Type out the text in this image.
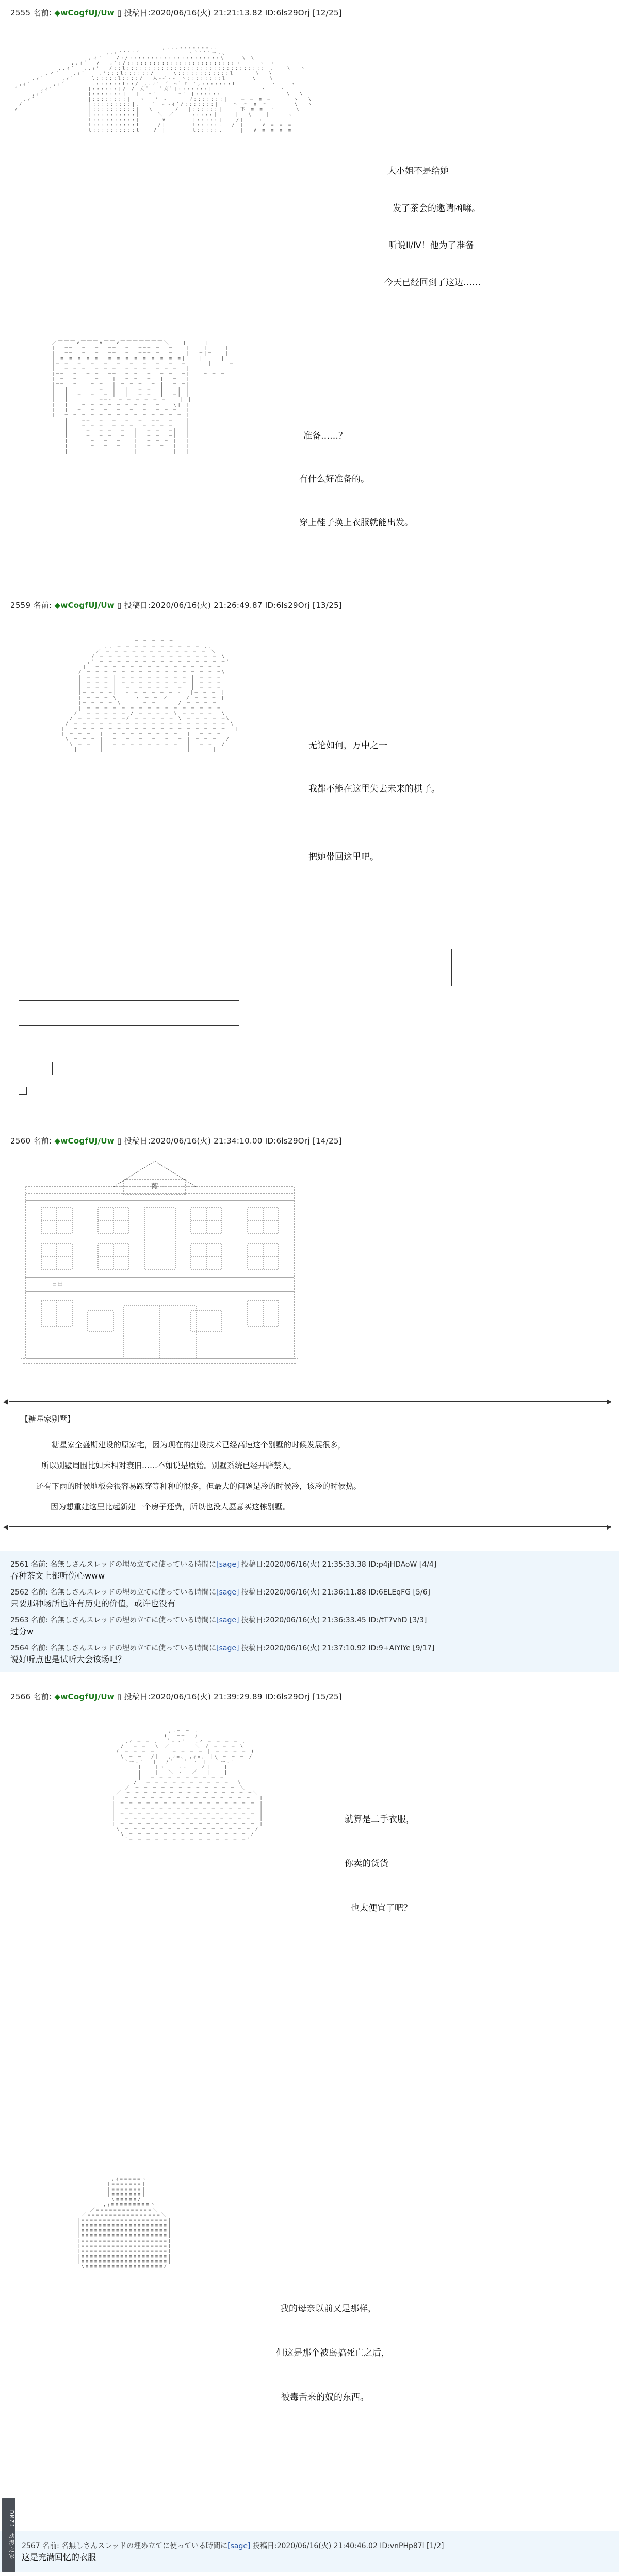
2555 名前: ◆wCogfUJ/Uw ▯ 投稿日:2020/06/16(火) 21:21:13.82 ID:6ls29Orj [12/25]
_,...-‐‐‐‐‐-..__
,.r'''"´           ヽ``''ー.、
,ィ"   /:/:::::::::::::::::::::\    \ \
,.ｨ´  /  ,':/:::::::::::::::::::::::::ヽ    ヽ ヽ
,.ｨ´  ,.ｨ'  /::l::::::::::::::::::::::::::::::::',   \  ヽ
,ィ´   ,ｨ´   .':::l::::::/￣￣￣\::::::::::::l     \  \
,ｨ´    ,ｨ´    l:::::l::::/  人ｰ-ﾟ-‐ ヽ::::::::l      \   \
,ｨ´     ,ｨ´      l::::::l::/ ,.ｨ''´ ⌒`ヾ ',:::::::l        ヽ   ヽ
´     ,ｨ´        |::::::|/ / 刈ﾟ   ﾟ刈ﾟ|:::::::|           ヽ   ヽ
,ｨ´          |:::::::|  |  ｰ'     ｰ' |::::::|              \  \
,ｨ´            |::::::::|  ヽ  ' ‐     ﾉ:::::::|   ─ ─ ≡ ─     ヽ  \
/               |:::::::::|、  ｀ ー‐ｲ´/:::::::|   ニ ニ ≡ ニ      \  ヽ
/                |::::::::::|  \     /  |::::::|    下 ≡ ≡ 一     \
|::::::::::|    ＼ ／   |:::::|    |  \   |    ヽ
l::::::::::|     ∨      |:::::|   /|   ヽ  |
l::::::::::l    /|      l:::::l  / |    ∨ ≡ ≡ ≡
l::::::::::l   / |      l:::::l    |  ∨ ≡ ≡ ≡ ≡

大小姐不是给她

发了茶会的邀请函嘛。

听说Ⅱ/Ⅳ！他为了准备

今天已经回到了这边……

／￣￣￣∨￣￣￣∨￣￣∨￣￣￣￣￣￣￣＼   |    |
|  ──  ─  ─  ──  ─  ─── ─  ─   |   |    |
|  ──  ─  ─  ──  ─  ─── ─  ─   |  ─|─   |
| ≡ ≡ ≡ ≡ ≡  ≡ ≡ ≡ ≡ ≡ ≡ ≡ ≡ ≡|   |    |
|─ ─  ─  ─  ─  ─  ─  ─  ─  ─  ─ |   |    ─
|  ─ ─ ─  ─ ─ ─  ─ ─ ─  ─ ─ ─  |
|──  ─  ─ ─  ──  ─ ─  ─  ─ ─  ─|   ─ ─ ─
| ─  ─  | ─   |  ─ ─  ─  |  ─  |
|──  ─  |─ ─  | ─ ─ ─  ─ |  ─ ─|
|  |    |  ─  |  |  ─ ─  |   | |
|  |  ─ |─  ─ |  |  ─ ─  |  ─| |
|  |    |  ──ー ─ ─ ─ ─ ─ ─   | |
|  |   ─ ─ ─ ─ ─ ─ ─ ─  ─   \| |
|  |  ─  ─  ─  ─  ─  ─  ─ ─ ─  |
|  ─ ─ ─ ─ ─ ─ ─ ─ ─ ─ ─ ─ ─ ─ |
|   ──  ─  ─  ─  ─  ──  ─   |
|   ─ ─ ─  ─ ─ ─  ─ ─ ─ ─   |
|  | ─  ─ ─  ─  |  ─ ─  ─|  |
|  | ─  ─ ─  ─  |  ─ ─  ─|  |
|  |  ─  ─  ─   |  ─ ─ ─ |  |
|  |  ─  ─  ─   |  ─  ─  |  |
|  |            |        |  |

准备……？

有什么好准备的。

穿上鞋子换上衣服就能出发。

2559 名前: ◆wCogfUJ/Uw ▯ 投稿日:2020/06/16(火) 21:26:49.87 ID:6ls29Orj [13/25]
_ ─ ─ ─ ─ ─ _
,. ─ ─ ─ ─ ─ ─ ─ ─ ─ ─ .,
／ ─ ─ ─ ─ ─ ─ ─ ─ ─ ─ ─ ─ ＼
/ ─ ─ ─ ─ ─ ─ ─ ─ ─ ─ ─ ─ ─ ─ \
,' ─ ─ ─ ─ ─ ─ ─ ─ ─ ─ ─ ─ ─ ─ ─'
|  ─ ─ ─ ─ ─ ─ ─ ─ ─ ─ ─ ─ ─ ─ ─|
/ ─ ─ ─ ─ ─ ─ ─ ─ ─ ─ ─ ─ ─ ─ ─ ─\
| ─ ─ ─ | ─ ─ ─ ─ ─ ─ ─ ─ | ─ ─ ─|
| ─ ─ ─ | ─ ─ ─ ─ ─ ─ ─ ─ | ─ ─ ─|
| ─ ─ ─ |  ─  ─ ─ ─ ─  ─  | ─ ─ ─|
|─ ─ ─ ─|  ｰ ─ ─ ─ ─ ─ ｰ  |─ ─ ─ |
| ─ ─ ─ \    ヽ ─ ─ ノ    / ─ ─ ─ |
|─ ─ ─ ─ \     ─ ─     / ─ ─ ─ ─ |
| ─ ─ ─ ─ ─ ─ ─ ─ ─ ─ ─ ─ ─ ─ ─ ─|
/  ─ ─ ─ ─ ─ / ─ ─ ─ ─ \ ─ ─ ─ ─  \
/ ─ ─ ─ ─ ─ ─/ ─ ─ ─ ─ ─ \ ─ ─ ─ ─ ─\
/ ─ ─ ─ ─ ─ ─ ─ ─ ─ ─ ─ ─ ─ ─ ─ ─ ─ ─ \
|  ─ ─ ─ ─ ─ ─ ─ ─ ─ ─ ─ ─ ─ ─ ─ ─ ─ ─  |
| ─ ─ ─  |  ─ ─ ─ ─ ─ ─ ─ ─  |  ─ ─ ─  |
\ ─ ─ ─ |  ─  ─  ─  ─  ─  ─ | ─ ─ ─  /
\ ─ ─  |  ─ ─ ─ ─ ─ ─ ─ ─  |  ─ ─  /
|     |                   |     |

	无论如何，万中之一

我都不能在这里失去未来的棋子。

把她带回这里吧。

2560 名前: ◆wCogfUJ/Uw ▯ 投稿日:2020/06/16(火) 21:34:10.00 ID:6ls29Orj [14/25]
藍
日田
◀	▶
【糖星家别墅】
糖星家全盛期建设的原家宅，因为现在的建设技术已经高速这个别墅的时候发展很多，
所以别墅周围比如未相对衰旧……不如说是原始。别墅系统已经开辟禁入，
还有下雨的时候地板会很容易踩穿等种种的很多，但最大的问题是冷的时候冷，该冷的时候热。
因为想重建这里比起新建一个房子还费，所以也没人愿意买这栋别墅。
◀	▶
2561 名前: 名無しさんスレッドの埋め立てに使っている時間に[sage] 投稿日:2020/06/16(火) 21:35:33.38 ID:p4jHDAoW [4/4]
吞种茶文上都听伤心www
2562 名前: 名無しさんスレッドの埋め立てに使っている時間に[sage] 投稿日:2020/06/16(火) 21:36:11.88 ID:6ELEqFG [5/6]
只要那种场所也许有历史的价值，或许也没有
2563 名前: 名無しさんスレッドの埋め立てに使っている時間に[sage] 投稿日:2020/06/16(火) 21:36:33.45 ID:/tT7vhD [3/3]
过分w
2564 名前: 名無しさんスレッドの埋め立てに使っている時間に[sage] 投稿日:2020/06/16(火) 21:37:10.92 ID:9+AiYlYe [9/17]
说好听点也是试听大会该场吧？
2566 名前: ◆wCogfUJ/Uw ▯ 投稿日:2020/06/16(火) 21:39:29.89 ID:6ls29Orj [15/25]
,.─ ─ .
(  ──  )
,ｨ ─ ─ ､  `ー‐'  ,ｨ ─ ─ ─ ─ ､
/  ─ ─  \ ／￣￣￣￣＼ / ─ ─ ─ \
( ─ ─ ─ ─ |  ─ ─ ─ ─ | ─ ─ ─ ─ )
\ ─ ─  /|  ,ｨ=､ ,ｨ=､ |\ ─ ─ ─ /
`ー‐'  |  ﾉ ﾟ   ﾟ ヽ |  `ー‐'
|   |ヽ   ‐-   ノ|   |
|   |  ＼ ‐  ／  |   |
|  ─ ─ ─ ─ ─ ─ ─ ─ ─  |
/  ─ ─ ─ ─ ─ ─ ─ ─ ─ ─  \
／ ─ ─ ─ ─ ─ ─ ─ ─ ─ ─ ─ ─ ＼
／ ─ ─ ─ ─ ─ ─ ─ ─ ─ ─ ─ ─ ─ ─ ─＼
|  ─ ─ ─ ─ ─ ─ ─ ─ ─ ─ ─ ─ ─ ─ ─  |
| ─ ─ ─ ─ ─ ─ ─ ─ ─ ─ ─ ─ ─ ─ ─ ─ |
|  ─ ─ ─ ─ ─ ─ ─ ─ ─ ─ ─ ─ ─ ─ ─  |
| ─ ─ ─ ─ ─ ─ ─ ─ ─ ─ ─ ─ ─ ─ ─ ─ |
|  ─ ─ ─ ─ ─ ─ ─ ─ ─ ─ ─ ─ ─ ─ ─  |
| ─ ─ ─ ─ ─ ─ ─ ─ ─ ─ ─ ─ ─ ─ ─ ─ |
\ ─ ─ ─ ─ ─ ─ ─ ─ ─ ─ ─ ─ ─ ─ ─ /
\ ─ ─ ─ ─ ─ ─ ─ ─ ─ ─ ─ ─ ─ ─ /
`─ ─ ─ ─ ─ ─ ─ ─ ─ ─ ─ ─ ─ ─'

就算是二手衣服，

你卖的货货

也太便宜了吧？

,ｨ≡≡≡≡≡ヽ
|≡≡≡≡≡≡≡|
|≡≡≡≡≡≡≡|
|≡≡≡≡≡≡≡|
\≡≡≡≡≡/
,ｨ≡≡≡≡≡≡≡≡≡ヽ
／≡≡≡≡≡≡≡≡≡≡≡≡≡＼
／≡≡≡≡≡≡≡≡≡≡≡≡≡≡≡≡≡＼
|≡≡≡≡≡≡≡≡≡≡≡≡≡≡≡≡≡≡≡≡|
|≡≡≡≡≡≡≡≡≡≡≡≡≡≡≡≡≡≡≡≡|
|≡≡≡≡≡≡≡≡≡≡≡≡≡≡≡≡≡≡≡≡|
|≡≡≡≡≡≡≡≡≡≡≡≡≡≡≡≡≡≡≡≡|
|≡≡≡≡≡≡≡≡≡≡≡≡≡≡≡≡≡≡≡≡|
|≡≡≡≡≡≡≡≡≡≡≡≡≡≡≡≡≡≡≡≡|
|≡≡≡≡≡≡≡≡≡≡≡≡≡≡≡≡≡≡≡≡|
|≡≡≡≡≡≡≡≡≡≡≡≡≡≡≡≡≡≡≡≡|
|≡≡≡≡≡≡≡≡≡≡≡≡≡≡≡≡≡≡≡≡|
\≡≡≡≡≡≡≡≡≡≡≡≡≡≡≡≡≡≡/

我的母亲以前又是那样，

但这是那个被岛搞死亡之后，

被毒舌来的奴的东西。

2567 名前: 名無しさんスレッドの埋め立てに使っている時間に[sage] 投稿日:2020/06/16(火) 21:40:46.02 ID:vnPHp87l [1/2]
这是充满回忆的衣服
DMZJ 动漫之家
